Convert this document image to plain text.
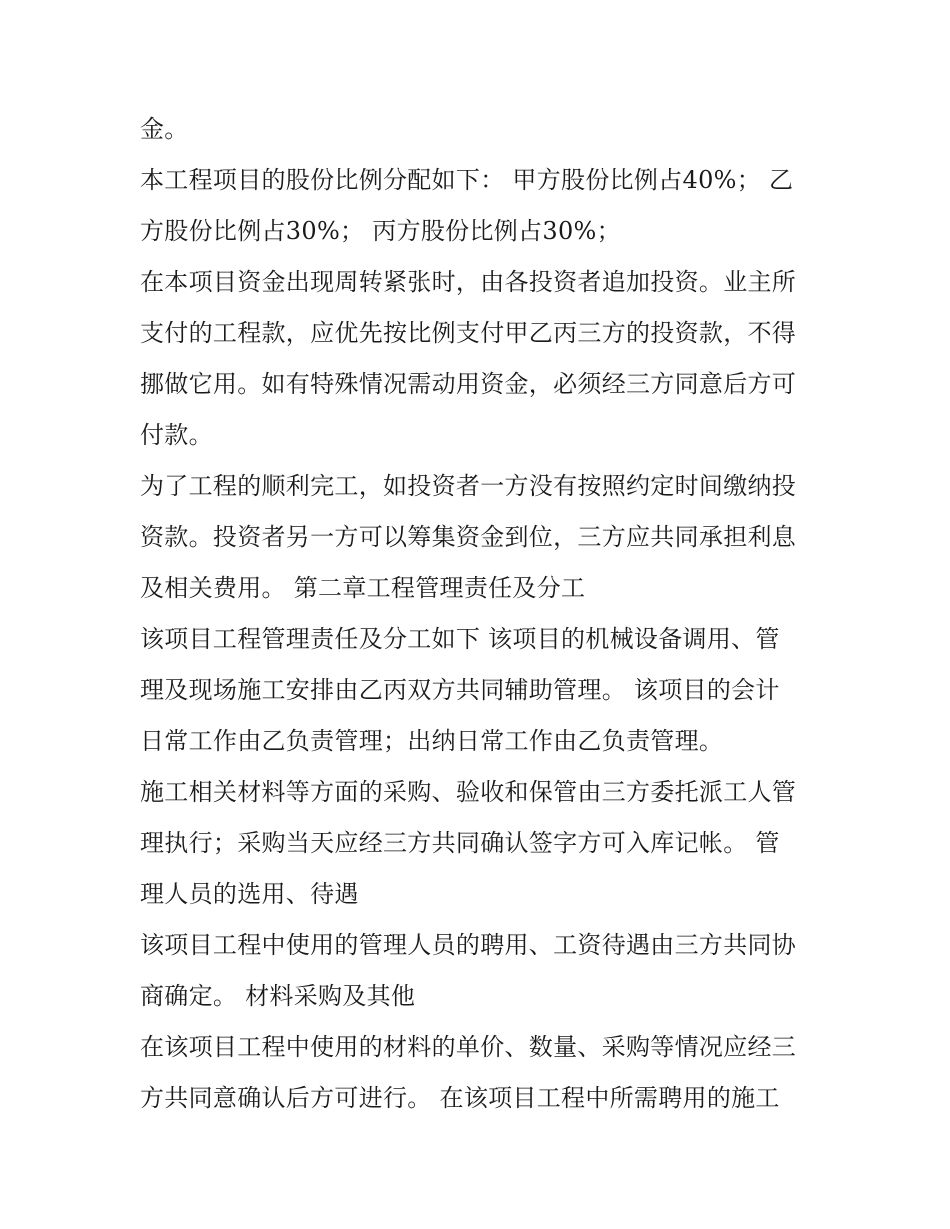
金。
本工程项目的股份比例分配如下： 甲方股份比例占40%； 乙
方股份比例占30%； 丙方股份比例占30%；
在本项目资金出现周转紧张时，由各投资者追加投资。业主所
支付的工程款，应优先按比例支付甲乙丙三方的投资款，不得
挪做它用。如有特殊情况需动用资金，必须经三方同意后方可
付款。
为了工程的顺利完工，如投资者一方没有按照约定时间缴纳投
资款。投资者另一方可以筹集资金到位，三方应共同承担利息
及相关费用。 第二章工程管理责任及分工
该项目工程管理责任及分工如下 该项目的机械设备调用、管
理及现场施工安排由乙丙双方共同辅助管理。 该项目的会计
日常工作由乙负责管理；出纳日常工作由乙负责管理。
施工相关材料等方面的采购、验收和保管由三方委托派工人管
理执行；采购当天应经三方共同确认签字方可入库记帐。 管
理人员的选用、待遇
该项目工程中使用的管理人员的聘用、工资待遇由三方共同协
商确定。 材料采购及其他
在该项目工程中使用的材料的单价、数量、采购等情况应经三
方共同意确认后方可进行。 在该项目工程中所需聘用的施工
